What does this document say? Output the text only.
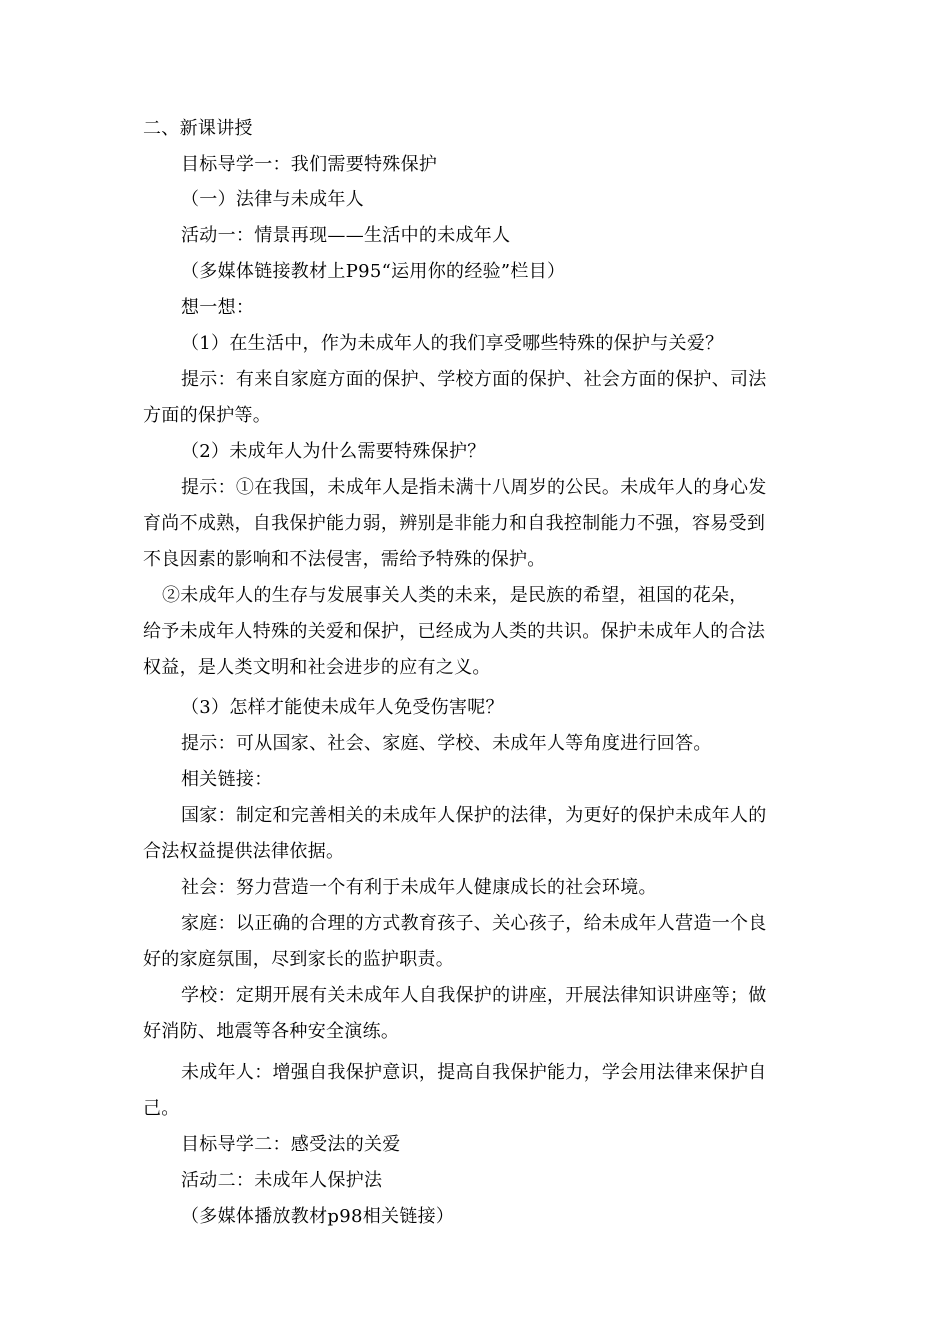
二、新课讲授
目标导学一：我们需要特殊保护
（一）法律与未成年人
活动一：情景再现——生活中的未成年人
（多媒体链接教材上P95“运用你的经验”栏目）
想一想：
（1）在生活中，作为未成年人的我们享受哪些特殊的保护与关爱？
提示：有来自家庭方面的保护、学校方面的保护、社会方面的保护、司法
方面的保护等。
（2）未成年人为什么需要特殊保护？
提示：①在我国，未成年人是指未满十八周岁的公民。未成年人的身心发
育尚不成熟，自我保护能力弱，辨别是非能力和自我控制能力不强，容易受到
不良因素的影响和不法侵害，需给予特殊的保护。
②未成年人的生存与发展事关人类的未来，是民族的希望，祖国的花朵，
给予未成年人特殊的关爱和保护，已经成为人类的共识。保护未成年人的合法
权益，是人类文明和社会进步的应有之义。
（3）怎样才能使未成年人免受伤害呢？
提示：可从国家、社会、家庭、学校、未成年人等角度进行回答。
相关链接：
国家：制定和完善相关的未成年人保护的法律，为更好的保护未成年人的
合法权益提供法律依据。
社会：努力营造一个有利于未成年人健康成长的社会环境。
家庭：以正确的合理的方式教育孩子、关心孩子，给未成年人营造一个良
好的家庭氛围，尽到家长的监护职责。
学校：定期开展有关未成年人自我保护的讲座，开展法律知识讲座等；做
好消防、地震等各种安全演练。
未成年人：增强自我保护意识，提高自我保护能力，学会用法律来保护自
己。
目标导学二：感受法的关爱
活动二：未成年人保护法
（多媒体播放教材p98相关链接）
